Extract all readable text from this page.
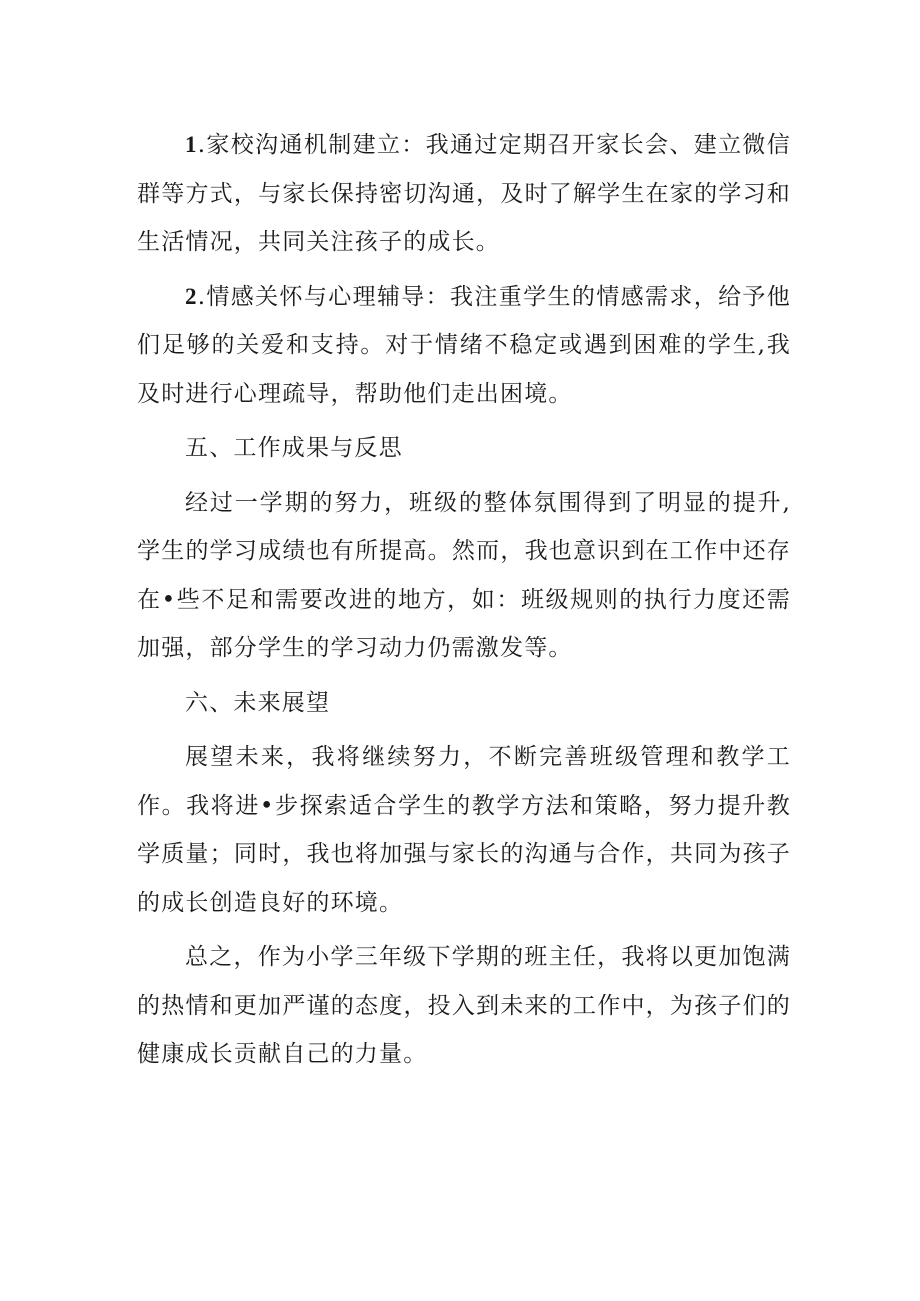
1.家校沟通机制建立：我通过定期召开家长会、建立微信群等方式，与家长保持密切沟通，及时了解学生在家的学习和生活情况，共同关注孩子的成长。

2.情感关怀与心理辅导：我注重学生的情感需求，给予他们足够的关爱和支持。对于情绪不稳定或遇到困难的学生,我及时进行心理疏导，帮助他们走出困境。

五、工作成果与反思

经过一学期的努力，班级的整体氛围得到了明显的提升,学生的学习成绩也有所提高。然而，我也意识到在工作中还存在•些不足和需要改进的地方，如：班级规则的执行力度还需加强，部分学生的学习动力仍需激发等。

六、未来展望

展望未来，我将继续努力，不断完善班级管理和教学工作。我将进•步探索适合学生的教学方法和策略，努力提升教学质量；同时，我也将加强与家长的沟通与合作，共同为孩子的成长创造良好的环境。

总之，作为小学三年级下学期的班主任，我将以更加饱满的热情和更加严谨的态度，投入到未来的工作中，为孩子们的健康成长贡献自己的力量。
